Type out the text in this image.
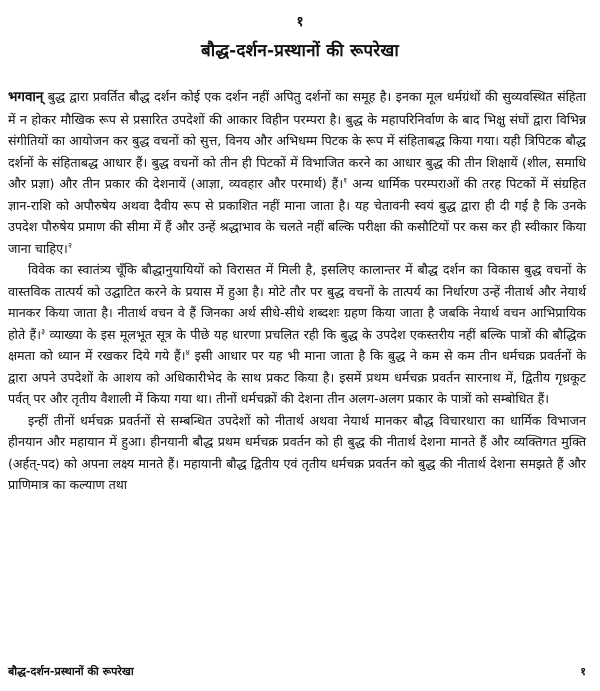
१
बौद्ध-दर्शन-प्रस्थानों की रूपरेखा

भगवान् बुद्ध द्वारा प्रवर्तित बौद्ध दर्शन कोई एक दर्शन नहीं अपितु दर्शनों का समूह है। इनका मूल धर्मग्रंथों की सुव्यवस्थित संहिता में न होकर मौखिक रूप से प्रसारित उपदेशों की आकार विहीन परम्परा है। बुद्ध के महापरिनिर्वाण के बाद भिक्षु संघों द्वारा विभिन्न संगीतियों का आयोजन कर बुद्ध वचनों को सुत्त, विनय और अभिधम्म पिटक के रूप में संहिताबद्ध किया गया। यही त्रिपिटक बौद्ध दर्शनों के संहिताबद्ध आधार हैं। बुद्ध वचनों को तीन ही पिटकों में विभाजित करने का आधार बुद्ध की तीन शिक्षायें (शील, समाधि और प्रज्ञा) और तीन प्रकार की देशनायें (आज्ञा, व्यवहार और परमार्थ) हैं।$^१$ अन्य धार्मिक परम्पराओं की तरह पिटकों में संग्रहित ज्ञान-राशि को अपौरुषेय अथवा दैवीय रूप से प्रकाशित नहीं माना जाता है। यह चेतावनी स्वयं बुद्ध द्वारा ही दी गई है कि उनके उपदेश पौरुषेय प्रमाण की सीमा में हैं और उन्हें श्रद्धाभाव के चलते नहीं बल्कि परीक्षा की कसौटियों पर कस कर ही स्वीकार किया जाना चाहिए।$^२$

विवेक का स्वातंत्र्य चूँकि बौद्धानुयायियों को विरासत में मिली है, इसलिए कालान्तर में बौद्ध दर्शन का विकास बुद्ध वचनों के वास्तविक तात्पर्य को उद्घाटित करने के प्रयास में हुआ है। मोटे तौर पर बुद्ध वचनों के तात्पर्य का निर्धारण उन्हें नीतार्थ और नेयार्थ मानकर किया जाता है। नीतार्थ वचन वे हैं जिनका अर्थ सीधे-सीधे शब्दशः ग्रहण किया जाता है जबकि नेयार्थ वचन आभिप्रायिक होते हैं।$^३$ व्याख्या के इस मूलभूत सूत्र के पीछे यह धारणा प्रचलित रही कि बुद्ध के उपदेश एकस्तरीय नहीं बल्कि पात्रों की बौद्धिक क्षमता को ध्यान में रखकर दिये गये हैं।$^४$ इसी आधार पर यह भी माना जाता है कि बुद्ध ने कम से कम तीन धर्मचक्र प्रवर्तनों के द्वारा अपने उपदेशों के आशय को अधिकारीभेद के साथ प्रकट किया है। इसमें प्रथम धर्मचक्र प्रवर्तन सारनाथ में, द्वितीय गृध्रकूट पर्वत् पर और तृतीय वैशाली में किया गया था। तीनों धर्मचक्रों की देशना तीन अलग-अलग प्रकार के पात्रों को सम्बोधित हैं।

इन्हीं तीनों धर्मचक्र प्रवर्तनों से सम्बन्धित उपदेशों को नीतार्थ अथवा नेयार्थ मानकर बौद्ध विचारधारा का धार्मिक विभाजन हीनयान और महायान में हुआ। हीनयानी बौद्ध प्रथम धर्मचक्र प्रवर्तन को ही बुद्ध की नीतार्थ देशना मानते हैं और व्यक्तिगत मुक्ति (अर्हत्-पद) को अपना लक्ष्य मानते हैं। महायानी बौद्ध द्वितीय एवं तृतीय धर्मचक्र प्रवर्तन को बुद्ध की नीतार्थ देशना समझते हैं और प्राणिमात्र का कल्याण तथा

बौद्ध-दर्शन-प्रस्थानों की रूपरेखा	१
